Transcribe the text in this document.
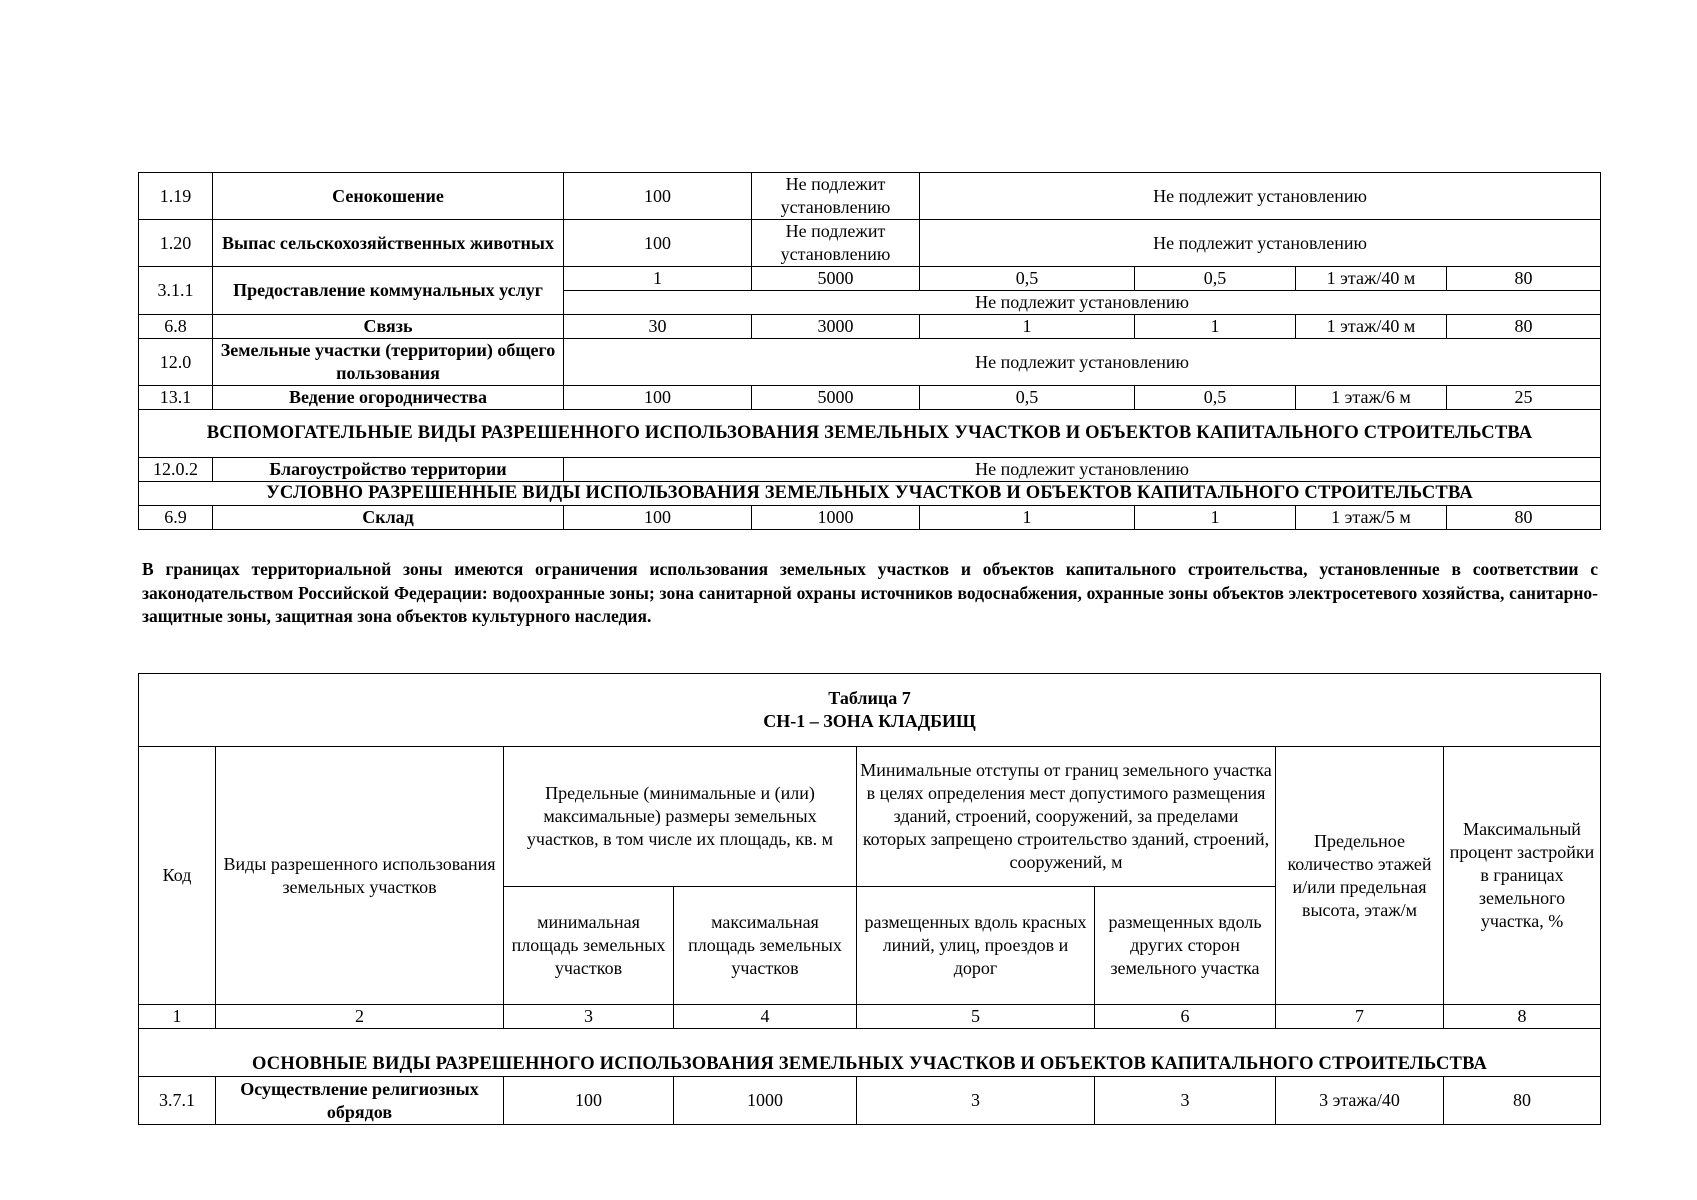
1.19	Сенокошение	100	Не подлежит установлению	Не подлежит установлению			
1.20	Выпас сельскохозяйственных животных	100	Не подлежит установлению	Не подлежит установлению			
3.1.1	Предоставление коммунальных услуг	1	5000	0,5	0,5	1 этаж/40 м	80
		Не подлежит установлению					
6.8	Связь	30	3000	1	1	1 этаж/40 м	80
12.0	Земельные участки (территории) общего пользования	Не подлежит установлению					
13.1	Ведение огородничества	100	5000	0,5	0,5	1 этаж/6 м	25
ВСПОМОГАТЕЛЬНЫЕ ВИДЫ РАЗРЕШЕННОГО ИСПОЛЬЗОВАНИЯ ЗЕМЕЛЬНЫХ УЧАСТКОВ И ОБЪЕКТОВ КАПИТАЛЬНОГО СТРОИТЕЛЬСТВА							
12.0.2	Благоустройство территории	Не подлежит установлению					
УСЛОВНО РАЗРЕШЕННЫЕ ВИДЫ ИСПОЛЬЗОВАНИЯ ЗЕМЕЛЬНЫХ УЧАСТКОВ И ОБЪЕКТОВ КАПИТАЛЬНОГО СТРОИТЕЛЬСТВА							
6.9	Склад	100	1000	1	1	1 этаж/5 м	80
В границах территориальной зоны имеются ограничения использования земельных участков и объектов капитального строительства, установленные в соответствии с законодательством Российской Федерации: водоохранные зоны; зона санитарной охраны источников водоснабжения, охранные зоны объектов электросетевого хозяйства, санитарно-защитные зоны, защитная зона объектов культурного наследия.
Таблица 7
СН-1 – ЗОНА КЛАДБИЩ							

Код	Виды разрешенного использования земельных участков	Предельные (минимальные и (или) максимальные) размеры земельных участков, в том числе их площадь, кв. м		Минимальные отступы от границ земельного участка в целях определения мест допустимого размещения зданий, строений, сооружений, за пределами которых запрещено строительство зданий, строений, сооружений, м		Предельное количество этажей и/или предельная высота, этаж/м	Максимальный процент застройки в границах земельного участка, %
		минимальная площадь земельных участков	максимальная площадь земельных участков	размещенных вдоль красных линий, улиц, проездов и дорог	размещенных вдоль других сторон земельного участка		
1	2	3	4	5	6	7	8
ОСНОВНЫЕ ВИДЫ РАЗРЕШЕННОГО ИСПОЛЬЗОВАНИЯ ЗЕМЕЛЬНЫХ УЧАСТКОВ И ОБЪЕКТОВ КАПИТАЛЬНОГО СТРОИТЕЛЬСТВА							
3.7.1	Осуществление религиозных обрядов	100	1000	3	3	3 этажа/40	80
